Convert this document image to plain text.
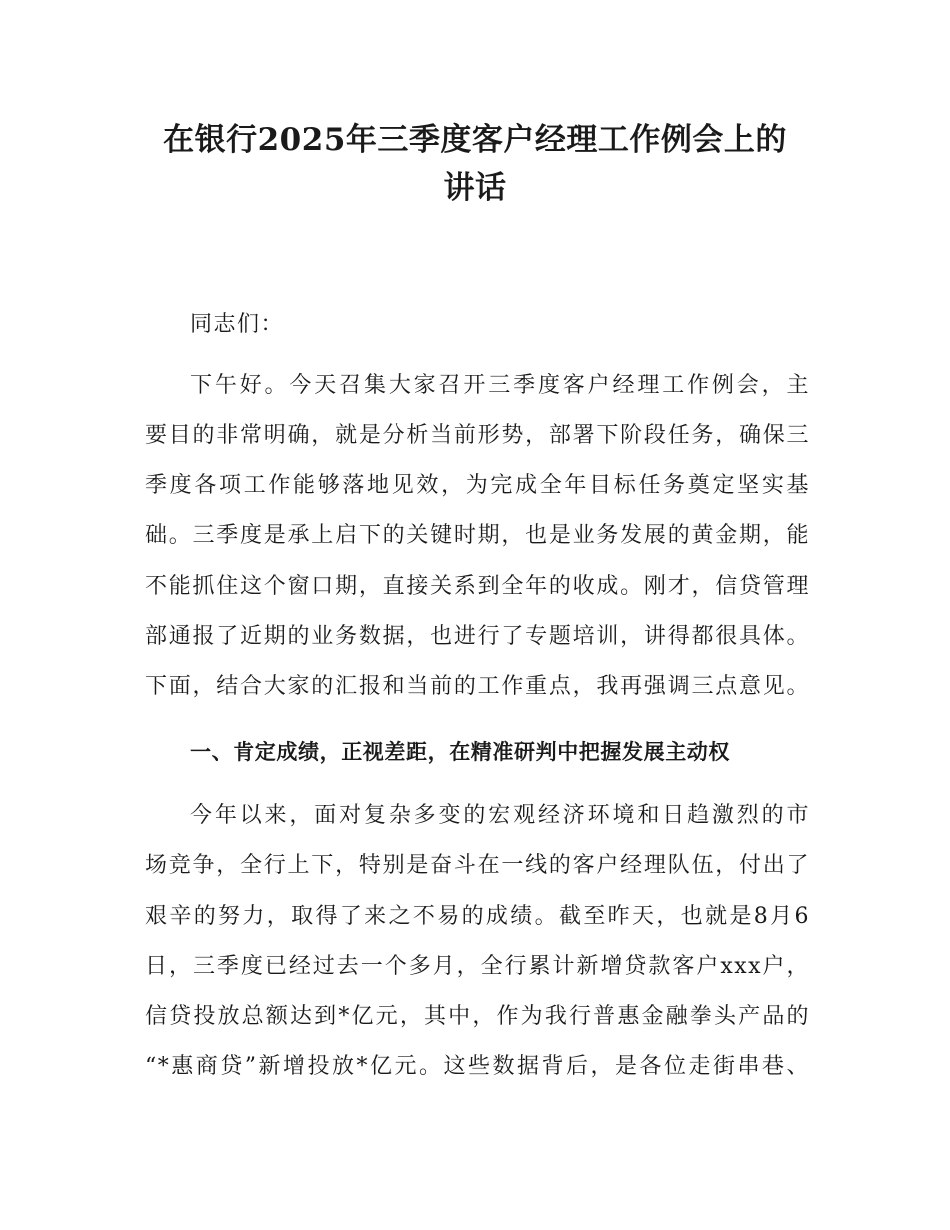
在银行2025年三季度客户经理工作例会上的
讲话
同志们：
下午好。今天召集大家召开三季度客户经理工作例会，主
要目的非常明确，就是分析当前形势，部署下阶段任务，确保三
季度各项工作能够落地见效，为完成全年目标任务奠定坚实基
础。三季度是承上启下的关键时期，也是业务发展的黄金期，能
不能抓住这个窗口期，直接关系到全年的收成。刚才，信贷管理
部通报了近期的业务数据，也进行了专题培训，讲得都很具体。
下面，结合大家的汇报和当前的工作重点，我再强调三点意见。
一、肯定成绩，正视差距，在精准研判中把握发展主动权
今年以来，面对复杂多变的宏观经济环境和日趋激烈的市
场竞争，全行上下，特别是奋斗在一线的客户经理队伍，付出了
艰辛的努力，取得了来之不易的成绩。截至昨天，也就是8月6
日，三季度已经过去一个多月，全行累计新增贷款客户xxx户，
信贷投放总额达到*亿元，其中，作为我行普惠金融拳头产品的
“*惠商贷”新增投放*亿元。这些数据背后，是各位走街串巷、
